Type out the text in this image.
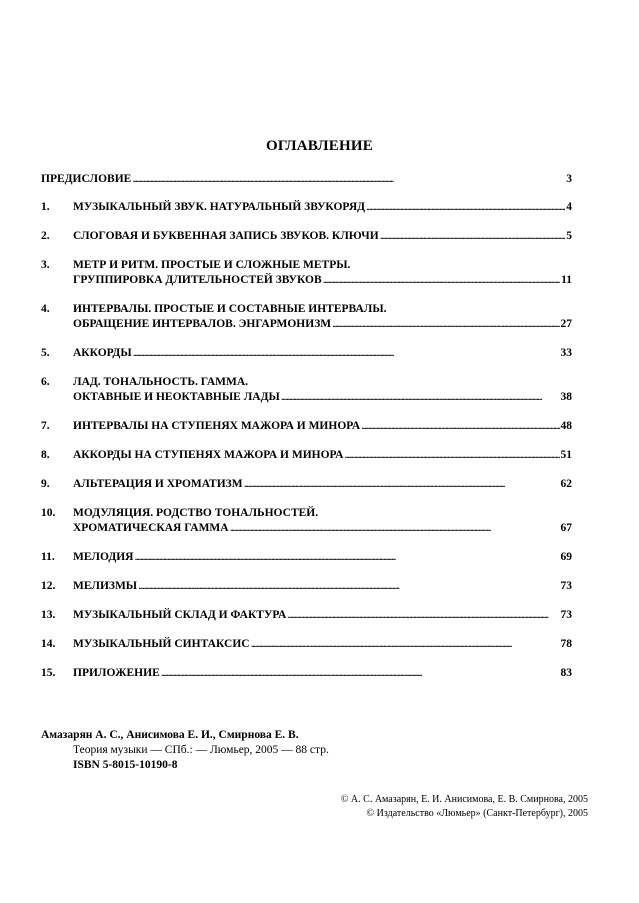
ОГЛАВЛЕНИЕ
ПРЕДИСЛОВИЕ . . .	3
1.	МУЗЫКАЛЬНЫЙ ЗВУК. НАТУРАЛЬНЫЙ ЗВУКОРЯД . . .	4
2.	СЛОГОВАЯ И БУКВЕННАЯ ЗАПИСЬ ЗВУКОВ. КЛЮЧИ . . .	5
3.	МЕТР И РИТМ. ПРОСТЫЕ И СЛОЖНЫЕ МЕТРЫ.
ГРУППИРОВКА ДЛИТЕЛЬНОСТЕЙ ЗВУКОВ . . .	11
4.	ИНТЕРВАЛЫ. ПРОСТЫЕ И СОСТАВНЫЕ ИНТЕРВАЛЫ.
ОБРАЩЕНИЕ ИНТЕРВАЛОВ. ЭНГАРМОНИЗМ . . .	27
5.	АККОРДЫ . . .	33
6.	ЛАД. ТОНАЛЬНОСТЬ. ГАММА.
ОКТАВНЫЕ И НЕОКТАВНЫЕ ЛАДЫ . . .	38
7.	ИНТЕРВАЛЫ НА СТУПЕНЯХ МАЖОРА И МИНОРА . . .	48
8.	АККОРДЫ НА СТУПЕНЯХ МАЖОРА И МИНОРА . . .	51
9.	АЛЬТЕРАЦИЯ И ХРОМАТИЗМ . . .	62
10.	МОДУЛЯЦИЯ. РОДСТВО ТОНАЛЬНОСТЕЙ.
ХРОМАТИЧЕСКАЯ ГАММА . . .	67
11.	МЕЛОДИЯ . . .	69
12.	МЕЛИЗМЫ . . .	73
13.	МУЗЫКАЛЬНЫЙ СКЛАД И ФАКТУРА . . .	73
14.	МУЗЫКАЛЬНЫЙ СИНТАКСИС . . .	78
15.	ПРИЛОЖЕНИЕ . . .	83
Амазарян А. С., Анисимова Е. И., Смирнова Е. В.
Теория музыки — СПб.: — Люмьер, 2005 — 88 стр.
ISBN 5-8015-10190-8
© А. С. Амазарян, Е. И. Анисимова, Е. В. Смирнова, 2005
© Издательство «Люмьер» (Санкт-Петербург), 2005
